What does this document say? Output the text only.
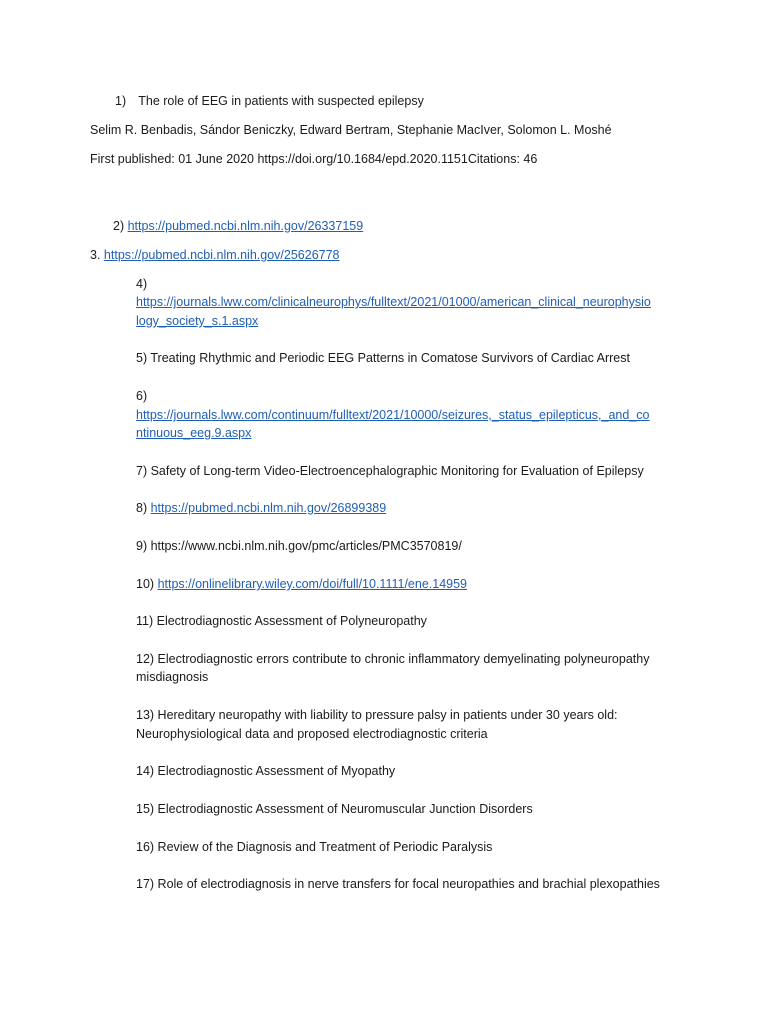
1) The role of EEG in patients with suspected epilepsy
Selim R. Benbadis, Sándor Beniczky, Edward Bertram, Stephanie MacIver, Solomon L. Moshé
First published: 01 June 2020 https://doi.org/10.1684/epd.2020.1151Citations: 46
2) https://pubmed.ncbi.nlm.nih.gov/26337159
3. https://pubmed.ncbi.nlm.nih.gov/25626778
4)
https://journals.lww.com/clinicalneurophys/fulltext/2021/01000/american_clinical_neurophysio
logy_society_s.1.aspx
5) Treating Rhythmic and Periodic EEG Patterns in Comatose Survivors of Cardiac Arrest
6)
https://journals.lww.com/continuum/fulltext/2021/10000/seizures,_status_epilepticus,_and_co
ntinuous_eeg.9.aspx
7) Safety of Long-term Video-Electroencephalographic Monitoring for Evaluation of Epilepsy
8) https://pubmed.ncbi.nlm.nih.gov/26899389
9) https://www.ncbi.nlm.nih.gov/pmc/articles/PMC3570819/
10) https://onlinelibrary.wiley.com/doi/full/10.1111/ene.14959
11) Electrodiagnostic Assessment of Polyneuropathy
12) Electrodiagnostic errors contribute to chronic inflammatory demyelinating polyneuropathy
misdiagnosis
13) Hereditary neuropathy with liability to pressure palsy in patients under 30 years old:
Neurophysiological data and proposed electrodiagnostic criteria
14) Electrodiagnostic Assessment of Myopathy
15) Electrodiagnostic Assessment of Neuromuscular Junction Disorders
16) Review of the Diagnosis and Treatment of Periodic Paralysis
17) Role of electrodiagnosis in nerve transfers for focal neuropathies and brachial plexopathies
